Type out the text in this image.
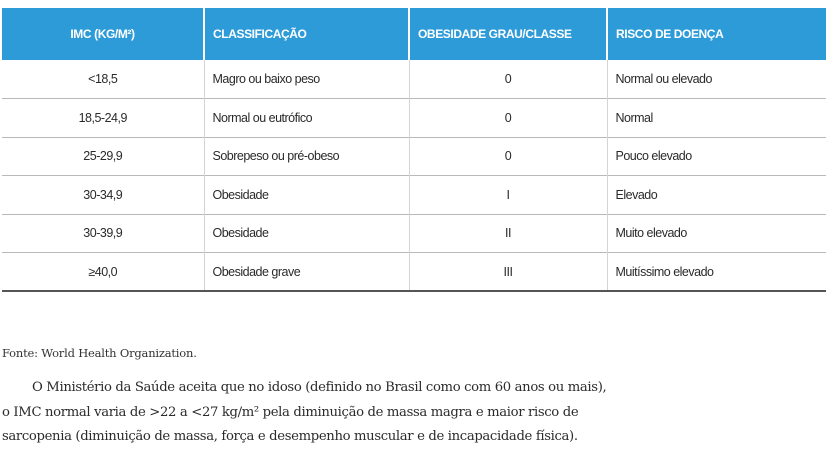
IMC (KG/M²)	CLASSIFICAÇÃO	OBESIDADE GRAU/CLASSE	RISCO DE DOENÇA
<18,5	Magro ou baixo peso	0	Normal ou elevado
18,5-24,9	Normal ou eutrófico	0	Normal
25-29,9	Sobrepeso ou pré-obeso	0	Pouco elevado
30-34,9	Obesidade	I	Elevado
30-39,9	Obesidade	II	Muito elevado
≥40,0	Obesidade grave	III	Muitíssimo elevado
Fonte: World Health Organization.

O Ministério da Saúde aceita que no idoso (definido no Brasil como com 60 anos ou mais),

o IMC normal varia de >22 a <27 kg/m² pela diminuição de massa magra e maior risco de

sarcopenia (diminuição de massa, força e desempenho muscular e de incapacidade física).
